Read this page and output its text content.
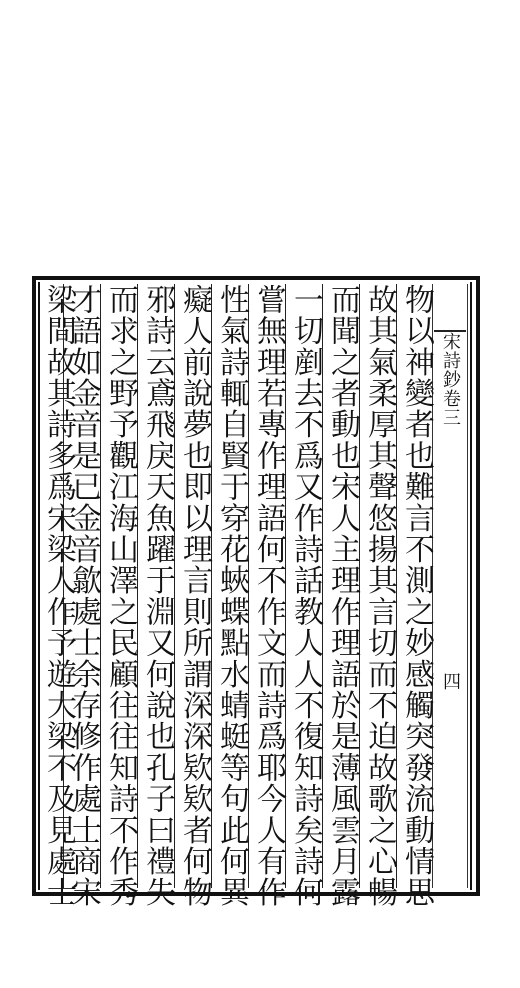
宋詩鈔卷三
四
物以神變者也難言不測之妙感觸突發流動情思
故其氣柔厚其聲悠揚其言切而不迫故歌之心暢
而聞之者動也宋人主理作理語於是薄風雲月露
一切剷去不爲又作詩話教人人不復知詩矣詩何
嘗無理若專作理語何不作文而詩爲耶今人有作
性氣詩輒自賢于穿花蛺蝶點水蜻蜓等句此何異
癡人前說夢也即以理言則所謂深深欵欵者何物
邪詩云鳶飛戾天魚躍于淵又何說也孔子曰禮失
而求之野予觀江海山澤之民顧往往知詩不作秀
才語如金音是已金音歙處士余存修作處士商宋
梁間故其詩多爲宋梁人作予遊大梁不及見處士
